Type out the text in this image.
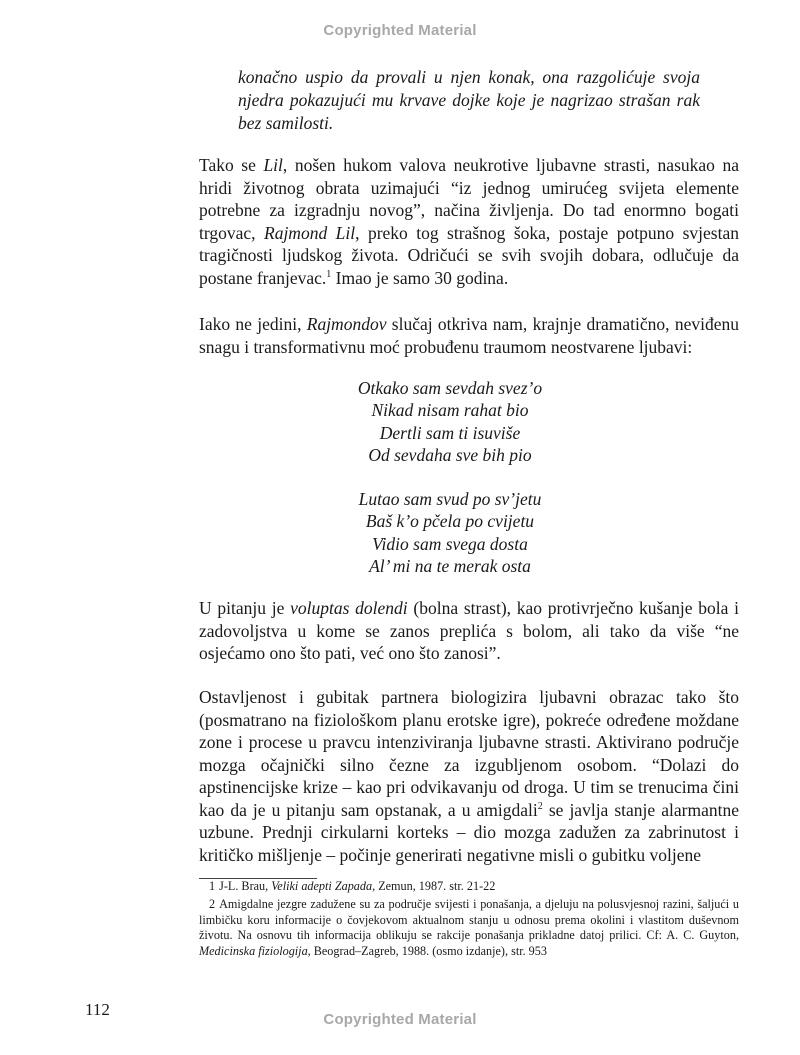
Copyrighted Material
konačno uspio da provali u njen konak, ona razgolićuje svoja njedra pokazujući mu krvave dojke koje je nagrizao strašan rak bez samilosti.
Tako se Lil, nošen hukom valova neukrotive ljubavne strasti, nasukao na hridi životnog obrata uzimajući “iz jednog umirućeg svijeta elemente potrebne za izgradnju novog”, načina življenja. Do tad enormno bogati trgovac, Rajmond Lil, preko tog strašnog šoka, postaje potpuno svjestan tragičnosti ljudskog života. Odričući se svih svojih dobara, odlučuje da postane franjevac.$^1$ Imao je samo 30 godina.
Iako ne jedini, Rajmondov slučaj otkriva nam, krajnje dramatično, neviđenu snagu i transformativnu moć probuđenu traumom neostvarene ljubavi:
Otkako sam sevdah svez’o
Nikad nisam rahat bio
Dertli sam ti isuviše
Od sevdaha sve bih pio
Lutao sam svud po sv’jetu
Baš k’o pčela po cvijetu
Vidio sam svega dosta
Al’ mi na te merak osta
U pitanju je voluptas dolendi (bolna strast), kao protivrječno kušanje bola i zadovoljstva u kome se zanos preplića s bolom, ali tako da više “ne osjećamo ono što pati, već ono što zanosi”.
Ostavljenost i gubitak partnera biologizira ljubavni obrazac tako što (posmatrano na fiziološkom planu erotske igre), pokreće određene moždane zone i procese u pravcu intenziviranja ljubavne strasti. Aktivirano područje mozga očajnički silno čezne za izgubljenom osobom. “Dolazi do apstinencijske krize – kao pri odvikavanju od droga. U tim se trenucima čini kao da je u pitanju sam opstanak, a u amigdali$^2$ se javlja stanje alarmantne uzbune. Prednji cirkularni korteks – dio mozga zadužen za zabrinutost i kritičko mišljenje – počinje generirati negativne misli o gubitku voljene
1 J-L. Brau, Veliki adepti Zapada, Zemun, 1987. str. 21-22
2 Amigdalne jezgre zadužene su za područje svijesti i ponašanja, a djeluju na polusvjesnoj razini, šaljući u limbičku koru informacije o čovjekovom aktualnom stanju u odnosu prema okolini i vlastitom duševnom životu. Na osnovu tih informacija oblikuju se rakcije ponašanja prikladne datoj prilici. Cf: A. C. Guyton, Medicinska fiziologija, Beograd–Zagreb, 1988. (osmo izdanje), str. 953
112
Copyrighted Material
